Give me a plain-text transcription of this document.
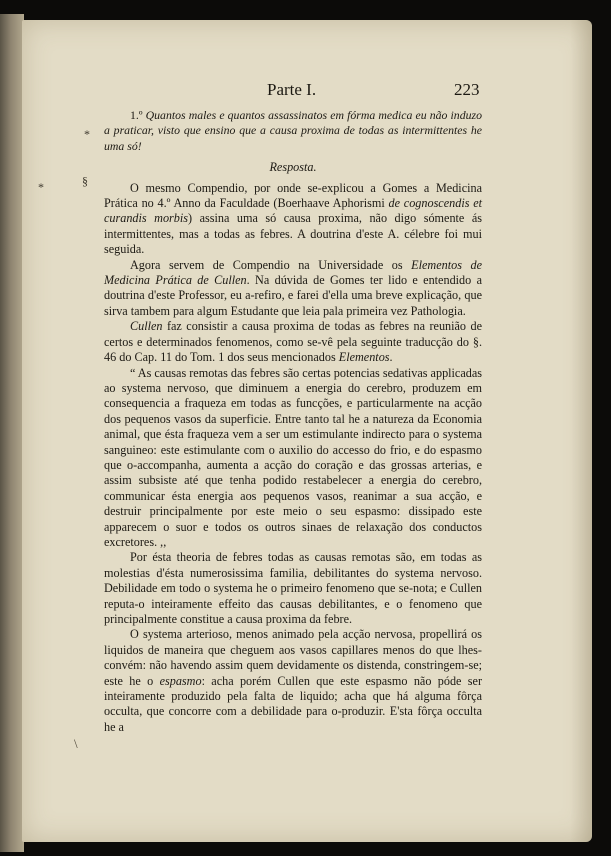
Parte I.	223
*
§
*

1.º Quantos males e quantos assassinatos em fórma medica eu não induzo a praticar, visto que ensino que a causa proxima de todas as intermittentes he uma só!

Resposta.

O mesmo Compendio, por onde se-explicou a Gomes a Medicina Prática no 4.º Anno da Faculdade (Boerhaave Aphorismi de cognoscendis et curandis morbis) assina uma só causa proxima, não digo sómente ás intermittentes, mas a todas as febres. A doutrina d'este A. célebre foi mui seguida.

Agora servem de Compendio na Universidade os Elementos de Medicina Prática de Cullen. Na dúvida de Gomes ter lido e entendido a doutrina d'este Professor, eu a-refiro, e farei d'ella uma breve explicação, que sirva tambem para algum Estudante que leia pala primeira vez Pathologia.

Cullen faz consistir a causa proxima de todas as febres na reunião de certos e determinados fenomenos, como se-vê pela seguinte traducção do §. 46 do Cap. 11 do Tom. 1 dos seus mencionados Elementos.

“ As causas remotas das febres são certas potencias sedativas applicadas ao systema nervoso, que diminuem a energia do cerebro, produzem em consequencia a fraqueza em todas as funcções, e particularmente na acção dos pequenos vasos da superficie. Entre tanto tal he a natureza da Economia animal, que ésta fraqueza vem a ser um estimulante indirecto para o systema sanguineo: este estimulante com o auxilio do accesso do frio, e do espasmo que o-accompanha, aumenta a acção do coração e das grossas arterias, e assim subsiste até que tenha podido restabelecer a energia do cerebro, communicar ésta energia aos pequenos vasos, reanimar a sua acção, e destruir principalmente por este meio o seu espasmo: dissipado este apparecem o suor e todos os outros sinaes de relaxação dos conductos excretores. ,,

Por ésta theoria de febres todas as causas remotas são, em todas as molestias d'ésta numerosissima familia, debilitantes do systema nervoso. Debilidade em todo o systema he o primeiro fenomeno que se-nota; e Cullen reputa-o inteiramente effeito das causas debilitantes, e o fenomeno que principalmente constitue a causa proxima da febre.

O systema arterioso, menos animado pela acção nervosa, propellirá os liquidos de maneira que cheguem aos vasos capillares menos do que lhes-convém: não havendo assim quem devidamente os distenda, constringem-se; este he o espasmo: acha porém Cullen que este espasmo não póde ser inteiramente produzido pela falta de liquido; acha que há alguma fôrça occulta, que concorre com a debilidade para o-produzir. E'sta fôrça occulta he a

\
